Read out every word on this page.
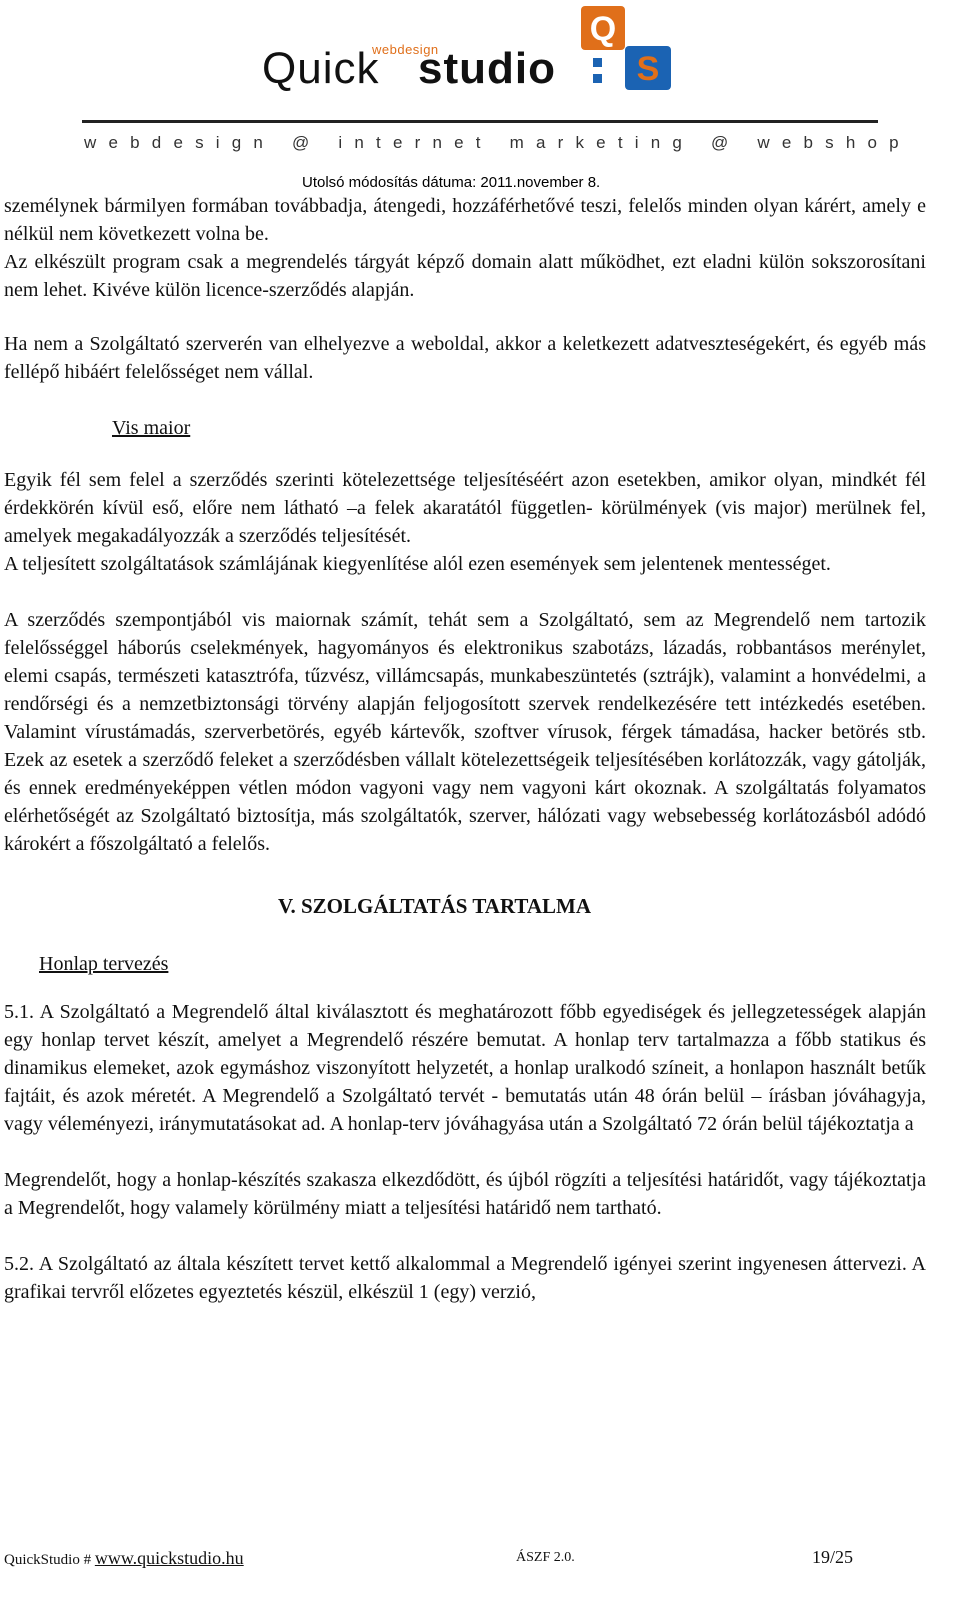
webdesign
Quick studio
Q
S
webdesign @ internet marketing @ webshop
Utolsó módosítás dátuma: 2011.november 8.

személynek bármilyen formában továbbadja, átengedi, hozzáférhetővé teszi, felelős minden olyan kárért, amely e nélkül nem következett volna be.

Az elkészült program csak a megrendelés tárgyát képző domain alatt működhet, ezt eladni külön sokszorosítani nem lehet. Kivéve külön licence-szerződés alapján.

Ha nem a Szolgáltató szerverén van elhelyezve a weboldal, akkor a keletkezett adatveszteségekért, és egyéb más fellépő hibáért felelősséget nem vállal.

Vis maior

Egyik fél sem felel a szerződés szerinti kötelezettsége teljesítéséért azon esetekben, amikor olyan, mindkét fél érdekkörén kívül eső, előre nem látható –a felek akaratától független- körülmények (vis major) merülnek fel, amelyek megakadályozzák a szerződés teljesítését.

A teljesített szolgáltatások számlájának kiegyenlítése alól ezen események sem jelentenek mentességet.

A szerződés szempontjából vis maiornak számít, tehát sem a Szolgáltató, sem az Megrendelő nem tartozik felelősséggel háborús cselekmények, hagyományos és elektronikus szabotázs, lázadás, robbantásos merénylet, elemi csapás, természeti katasztrófa, tűzvész, villámcsapás, munkabeszüntetés (sztrájk), valamint a honvédelmi, a rendőrségi és a nemzetbiztonsági törvény alapján feljogosított szervek rendelkezésére tett intézkedés esetében. Valamint vírustámadás, szerverbetörés, egyéb kártevők, szoftver vírusok, férgek támadása, hacker betörés stb. Ezek az esetek a szerződő feleket a szerződésben vállalt kötelezettségeik teljesítésében korlátozzák, vagy gátolják, és ennek eredményeképpen vétlen módon vagyoni vagy nem vagyoni kárt okoznak. A szolgáltatás folyamatos elérhetőségét az Szolgáltató biztosítja, más szolgáltatók, szerver, hálózati vagy websebesség korlátozásból adódó károkért a főszolgáltató a felelős.

V. SZOLGÁLTATÁS TARTALMA

Honlap tervezés

5.1. A Szolgáltató a Megrendelő által kiválasztott és meghatározott főbb egyediségek és jellegzetességek alapján egy honlap tervet készít, amelyet a Megrendelő részére bemutat. A honlap terv tartalmazza a főbb statikus és dinamikus elemeket, azok egymáshoz viszonyított helyzetét, a honlap uralkodó színeit, a honlapon használt betűk fajtáit, és azok méretét. A Megrendelő a Szolgáltató tervét - bemutatás után 48 órán belül – írásban jóváhagyja, vagy véleményezi, iránymutatásokat ad. A honlap-terv jóváhagyása után a Szolgáltató 72 órán belül tájékoztatja a

Megrendelőt, hogy a honlap-készítés szakasza elkezdődött, és újból rögzíti a teljesítési határidőt, vagy tájékoztatja a Megrendelőt, hogy valamely körülmény miatt a teljesítési határidő nem tartható.

5.2. A Szolgáltató az általa készített tervet kettő alkalommal a Megrendelő igényei szerint ingyenesen áttervezi. A grafikai tervről előzetes egyeztetés készül, elkészül 1 (egy) verzió,

QuickStudio # www.quickstudio.hu	ÁSZF 2.0.	19/25
